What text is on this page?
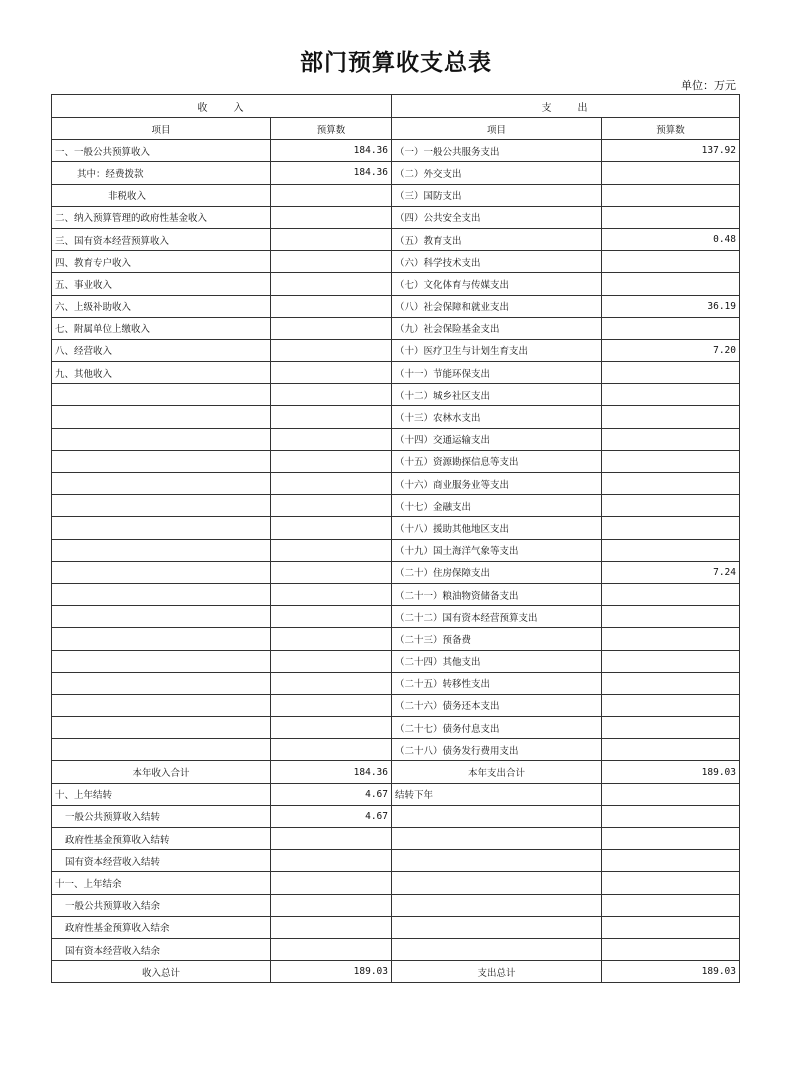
部门预算收支总表
单位：万元
收　　入		支　　出	
项目	预算数	项目	预算数
一、一般公共预算收入	184.36	（一）一般公共服务支出	137.92
其中：经费拨款	184.36	（二）外交支出	
非税收入		（三）国防支出	
二、纳入预算管理的政府性基金收入		（四）公共安全支出	
三、国有资本经营预算收入		（五）教育支出	0.48
四、教育专户收入		（六）科学技术支出	
五、事业收入		（七）文化体育与传媒支出	
六、上级补助收入		（八）社会保障和就业支出	36.19
七、附属单位上缴收入		（九）社会保险基金支出	
八、经营收入		（十）医疗卫生与计划生育支出	7.20
九、其他收入		（十一）节能环保支出	
		（十二）城乡社区支出	
		（十三）农林水支出	
		（十四）交通运输支出	
		（十五）资源勘探信息等支出	
		（十六）商业服务业等支出	
		（十七）金融支出	
		（十八）援助其他地区支出	
		（十九）国土海洋气象等支出	
		（二十）住房保障支出	7.24
		（二十一）粮油物资储备支出	
		（二十二）国有资本经营预算支出	
		（二十三）预备费	
		（二十四）其他支出	
		（二十五）转移性支出	
		（二十六）债务还本支出	
		（二十七）债务付息支出	
		（二十八）债务发行费用支出	
本年收入合计	184.36	本年支出合计	189.03
十、上年结转	4.67	结转下年	
一般公共预算收入结转	4.67		
政府性基金预算收入结转			
国有资本经营收入结转			
十一、上年结余			
一般公共预算收入结余			
政府性基金预算收入结余			
国有资本经营收入结余			
收入总计	189.03	支出总计	189.03
